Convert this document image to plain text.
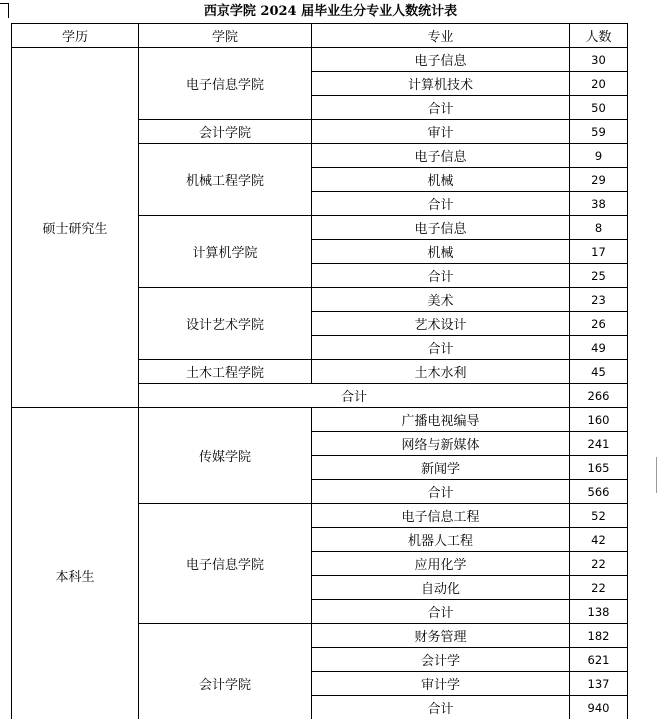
西京学院 2024 届毕业生分专业人数统计表
学历	学院	专业	人数
硕士研究生	电子信息学院	电子信息	30
		计算机技术	20
		合计	50
	会计学院	审计	59
	机械工程学院	电子信息	9
		机械	29
		合计	38
	计算机学院	电子信息	8
		机械	17
		合计	25
	设计艺术学院	美术	23
		艺术设计	26
		合计	49
	土木工程学院	土木水利	45
	合计		266
本科生	传媒学院	广播电视编导	160
		网络与新媒体	241
		新闻学	165
		合计	566
	电子信息学院	电子信息工程	52
		机器人工程	42
		应用化学	22
		自动化	22
		合计	138
	会计学院	财务管理	182
		会计学	621
		审计学	137
		合计	940
